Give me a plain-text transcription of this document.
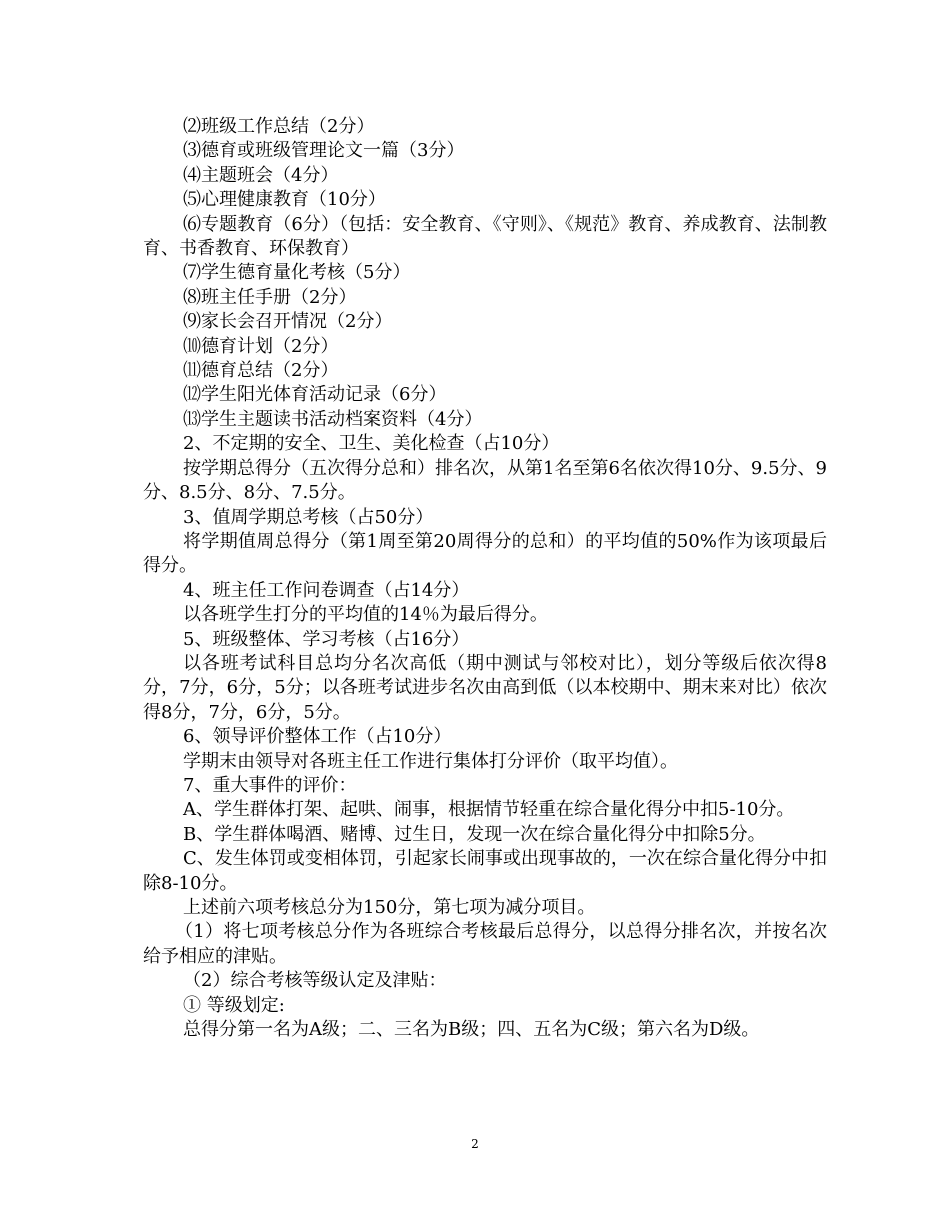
⑵班级工作总结（2分）

⑶德育或班级管理论文一篇（3分）

⑷主题班会（4分）

⑸心理健康教育（10分）

⑹专题教育（6分）（包括：安全教育、《守则》、《规范》教育、养成教育、法制教育、书香教育、环保教育）

⑺学生德育量化考核（5分）

⑻班主任手册（2分）

⑼家长会召开情况（2分）

⑽德育计划（2分）

⑾德育总结（2分）

⑿学生阳光体育活动记录（6分）

⒀学生主题读书活动档案资料（4分）

2、不定期的安全、卫生、美化检查（占10分）

按学期总得分（五次得分总和）排名次，从第1名至第6名依次得10分、9.5分、9分、8.5分、8分、7.5分。

3、值周学期总考核（占50分）

将学期值周总得分（第1周至第20周得分的总和）的平均值的50%作为该项最后得分。

4、班主任工作问卷调查（占14分）

以各班学生打分的平均值的14％为最后得分。

5、班级整体、学习考核（占16分）

以各班考试科目总均分名次高低（期中测试与邻校对比），划分等级后依次得8分，7分，6分，5分；以各班考试进步名次由高到低（以本校期中、期末来对比）依次得8分，7分，6分，5分。

6、领导评价整体工作（占10分）

学期末由领导对各班主任工作进行集体打分评价（取平均值）。

7、重大事件的评价：

A、学生群体打架、起哄、闹事，根据情节轻重在综合量化得分中扣5-10分。

B、学生群体喝酒、赌博、过生日，发现一次在综合量化得分中扣除5分。

C、发生体罚或变相体罚，引起家长闹事或出现事故的，一次在综合量化得分中扣除8-10分。

上述前六项考核总分为150分，第七项为减分项目。

（1）将七项考核总分作为各班综合考核最后总得分，以总得分排名次，并按名次给予相应的津贴。

（2）综合考核等级认定及津贴：

① 等级划定:

总得分第一名为A级；二、三名为B级；四、五名为C级；第六名为D级。

2
